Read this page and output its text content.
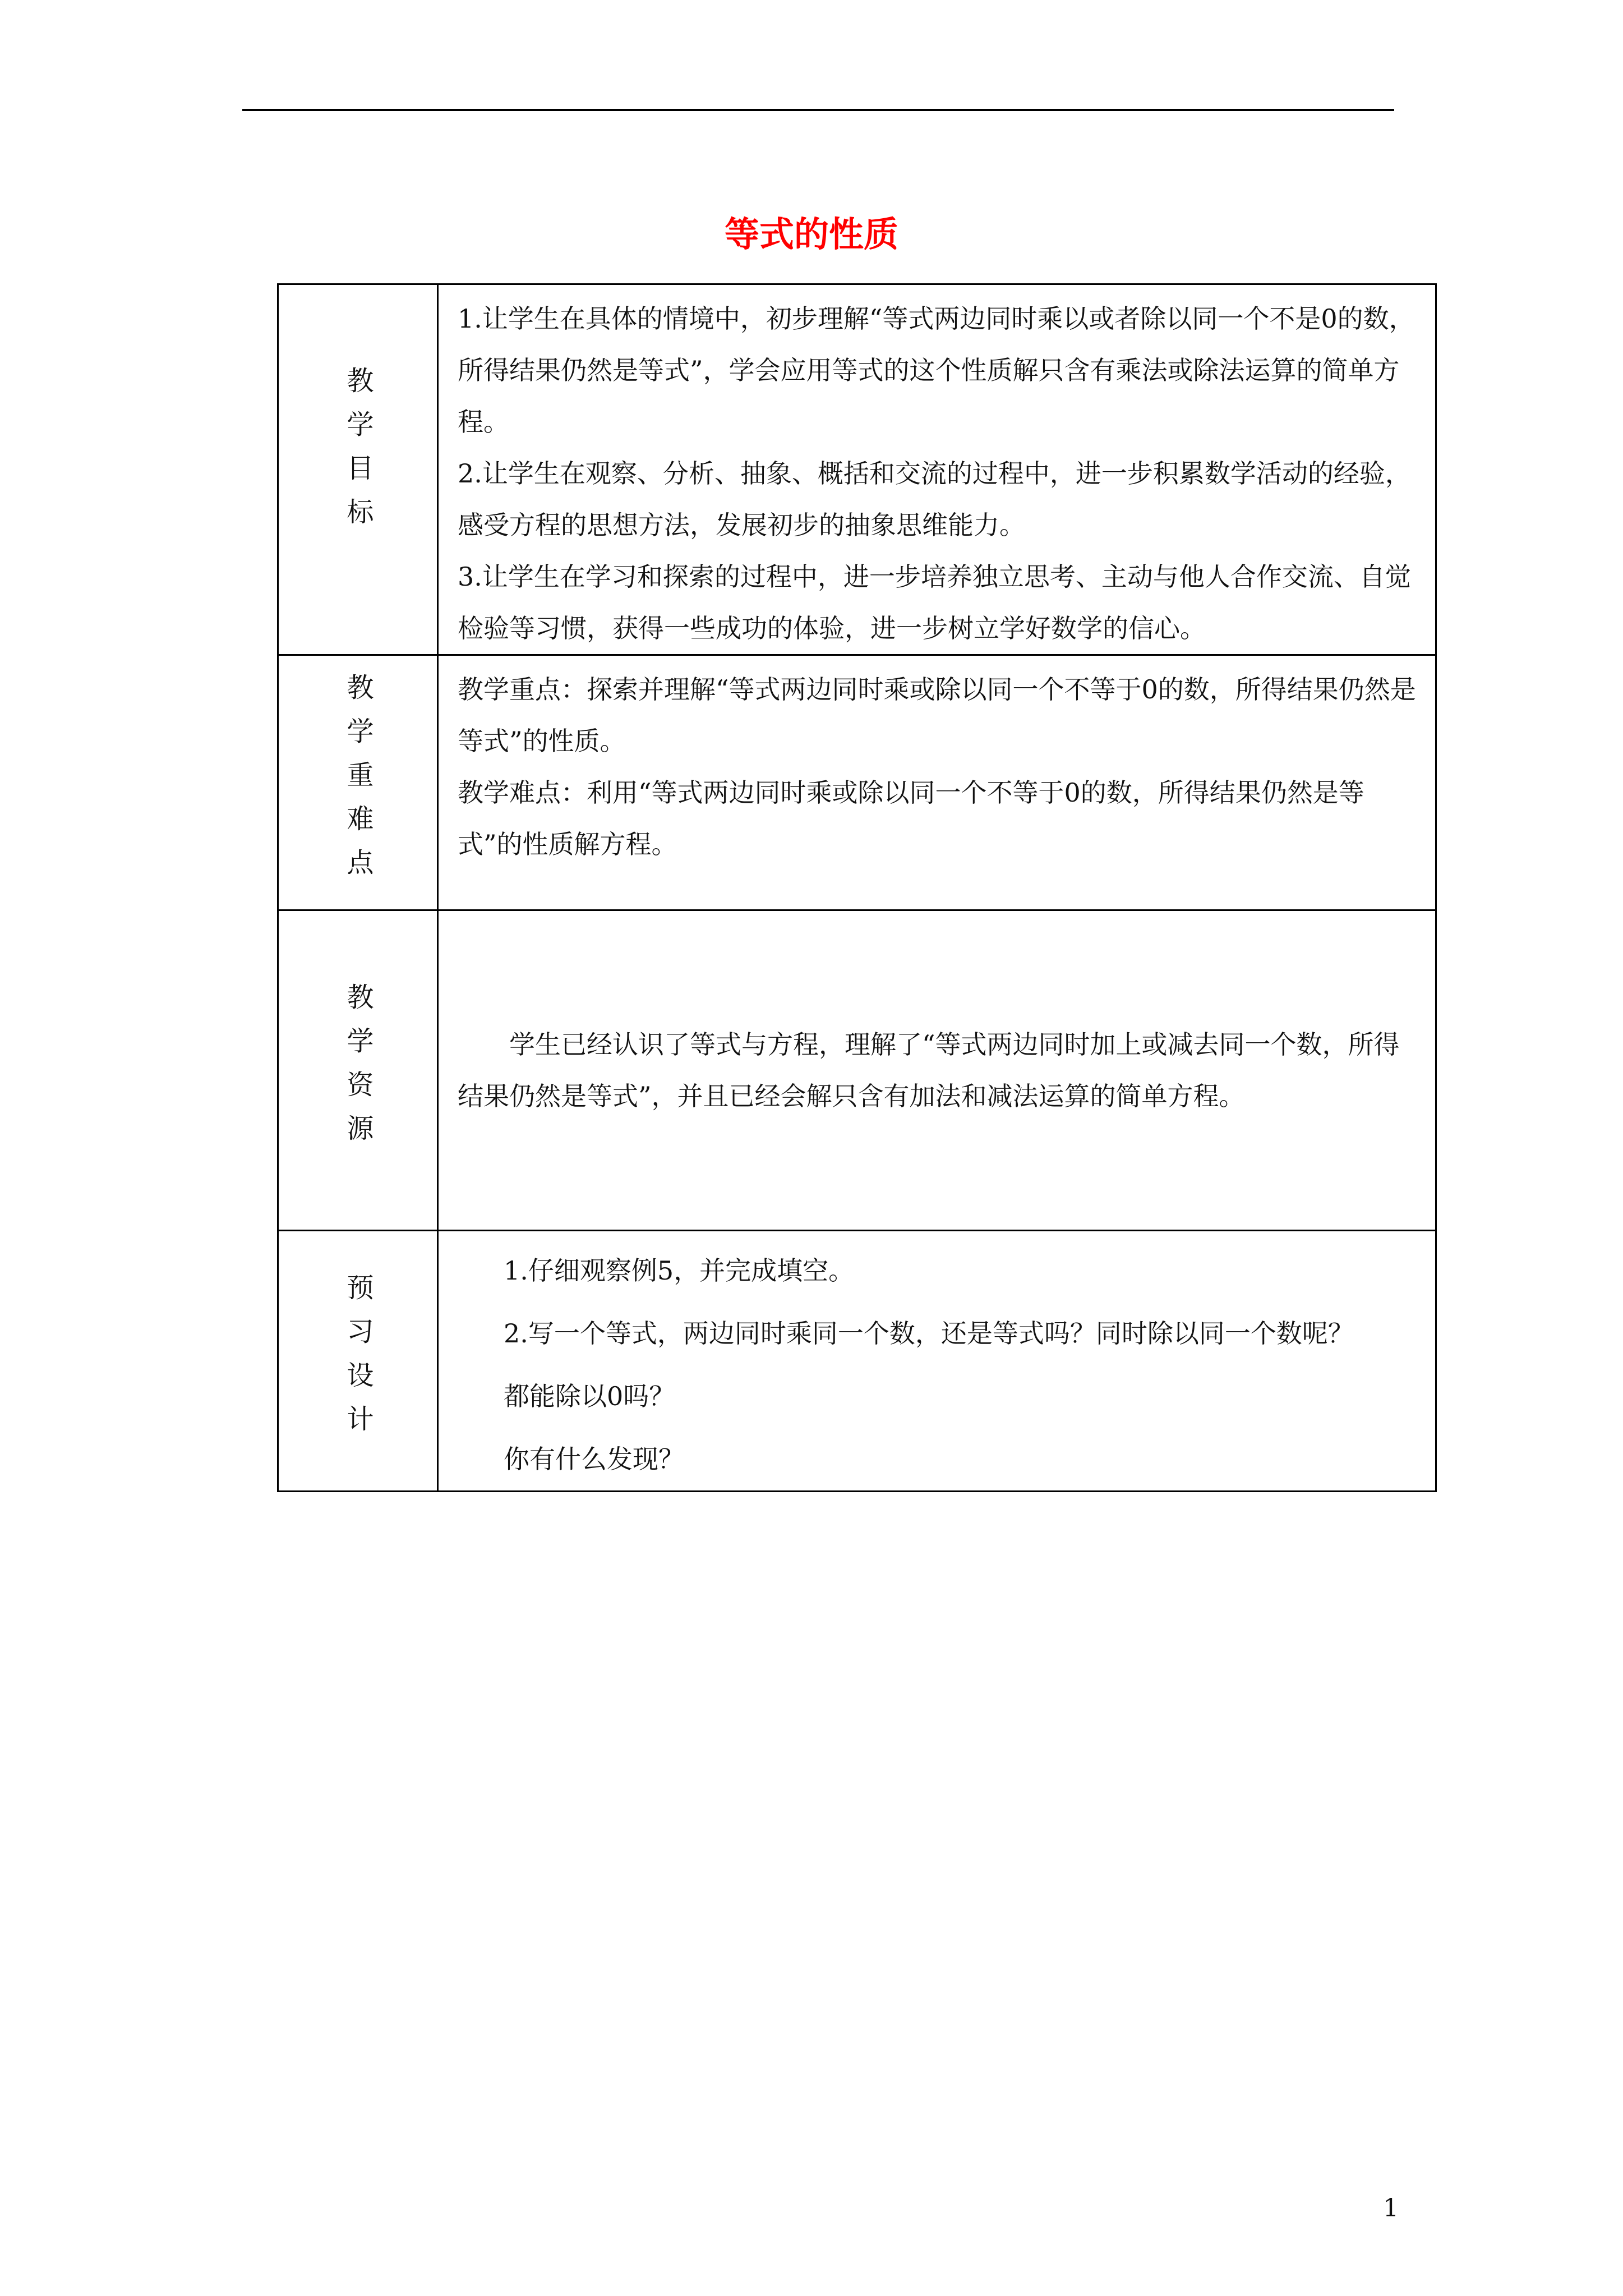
等式的性质
教学目标	1.让学生在具体的情境中，初步理解“等式两边同时乘以或者除以同一个不是0的数，所得结果仍然是等式”，学会应用等式的这个性质解只含有乘法或除法运算的简单方程。

2.让学生在观察、分析、抽象、概括和交流的过程中，进一步积累数学活动的经验，感受方程的思想方法，发展初步的抽象思维能力。

3.让学生在学习和探索的过程中，进一步培养独立思考、主动与他人合作交流、自觉检验等习惯，获得一些成功的体验，进一步树立学好数学的信心。

教学重难点	教学重点：探索并理解“等式两边同时乘或除以同一个不等于0的数，所得结果仍然是等式”的性质。

教学难点：利用“等式两边同时乘或除以同一个不等于0的数，所得结果仍然是等式”的性质解方程。

教学资源	学生已经认识了等式与方程，理解了“等式两边同时加上或减去同一个数，所得结果仍然是等式”，并且已经会解只含有加法和减法运算的简单方程。

预习设计	1.仔细观察例5，并完成填空。

2.写一个等式，两边同时乘同一个数，还是等式吗？同时除以同一个数呢？

都能除以0吗？

你有什么发现？

1
